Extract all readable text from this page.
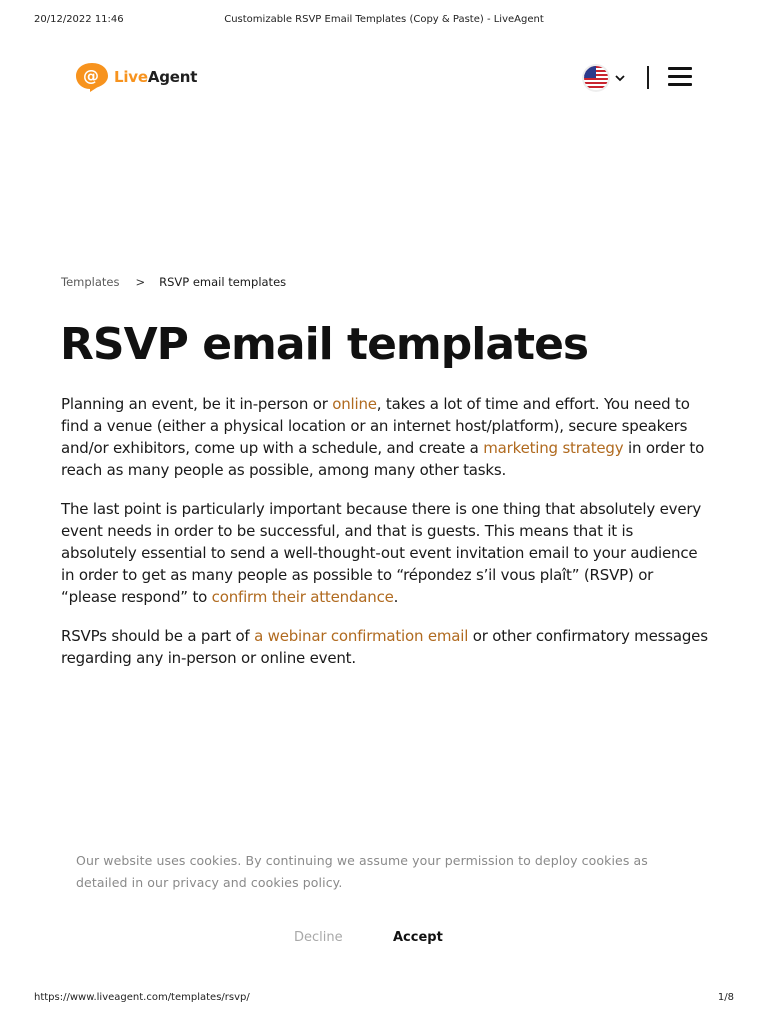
20/12/2022 11:46	Customizable RSVP Email Templates (Copy & Paste) - LiveAgent
@ LiveAgent
Templates > RSVP email templates
RSVP email templates

Planning an event, be it in-person or online, takes a lot of time and effort. You need to find a venue (either a physical location or an internet host/platform), secure speakers and/or exhibitors, come up with a schedule, and create a marketing strategy in order to reach as many people as possible, among many other tasks.

The last point is particularly important because there is one thing that absolutely every event needs in order to be successful, and that is guests. This means that it is absolutely essential to send a well-thought-out event invitation email to your audience in order to get as many people as possible to “répondez s’il vous plaît” (RSVP) or “please respond” to confirm their attendance.

RSVPs should be a part of a webinar confirmation email or other confirmatory messages regarding any in-person or online event.

Our website uses cookies. By continuing we assume your permission to deploy cookies as detailed in our privacy and cookies policy.
Decline	Accept
https://www.liveagent.com/templates/rsvp/	1/8
